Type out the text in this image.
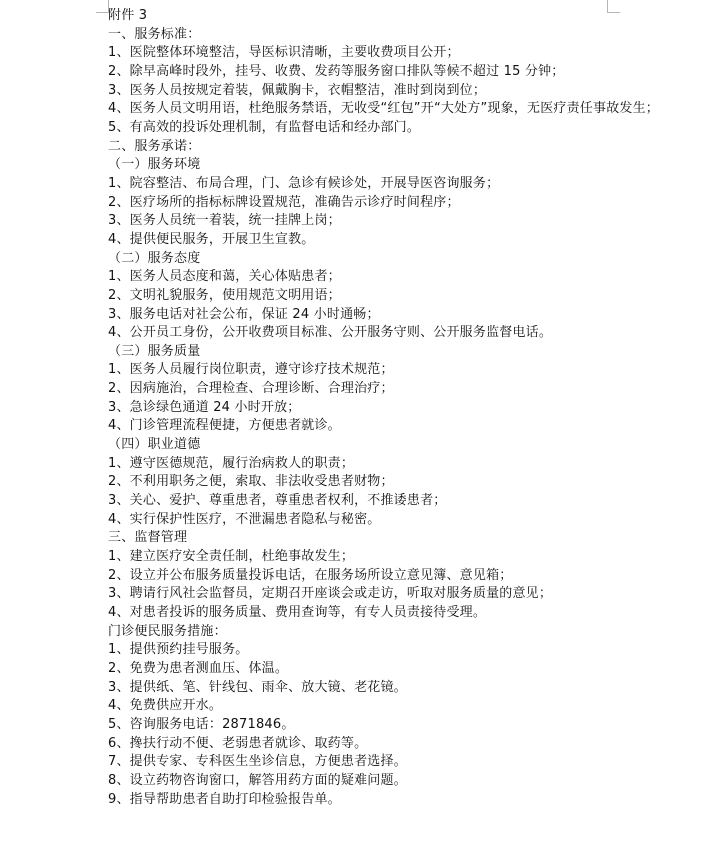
附件 3
一、服务标准：
1、医院整体环境整洁，导医标识清晰，主要收费项目公开；
2、除早高峰时段外，挂号、收费、发药等服务窗口排队等候不超过 15 分钟；
3、医务人员按规定着装，佩戴胸卡，衣帽整洁，准时到岗到位；
4、医务人员文明用语，杜绝服务禁语，无收受“红包”开“大处方”现象，无医疗责任事故发生；
5、有高效的投诉处理机制，有监督电话和经办部门。
二、服务承诺：
（一）服务环境
1、院容整洁、布局合理，门、急诊有候诊处，开展导医咨询服务；
2、医疗场所的指标标牌设置规范，准确告示诊疗时间程序；
3、医务人员统一着装，统一挂牌上岗；
4、提供便民服务，开展卫生宣教。
（二）服务态度
1、医务人员态度和蔼，关心体贴患者；
2、文明礼貌服务，使用规范文明用语；
3、服务电话对社会公布，保证 24 小时通畅；
4、公开员工身份，公开收费项目标准、公开服务守则、公开服务监督电话。
（三）服务质量
1、医务人员履行岗位职责，遵守诊疗技术规范；
2、因病施治，合理检查、合理诊断、合理治疗；
3、急诊绿色通道 24 小时开放；
4、门诊管理流程便捷，方便患者就诊。
（四）职业道德
1、遵守医德规范，履行治病救人的职责；
2、不利用职务之便，索取、非法收受患者财物；
3、关心、爱护、尊重患者，尊重患者权利，不推诿患者；
4、实行保护性医疗，不泄漏患者隐私与秘密。
三、监督管理
1、建立医疗安全责任制，杜绝事故发生；
2、设立并公布服务质量投诉电话，在服务场所设立意见簿、意见箱；
3、聘请行风社会监督员，定期召开座谈会或走访，听取对服务质量的意见；
4、对患者投诉的服务质量、费用查询等，有专人员责接待受理。
门诊便民服务措施：
1、提供预约挂号服务。
2、免费为患者测血压、体温。
3、提供纸、笔、针线包、雨伞、放大镜、老花镜。
4、免费供应开水。
5、咨询服务电话：2871846。
6、搀扶行动不便、老弱患者就诊、取药等。
7、提供专家、专科医生坐诊信息，方便患者选择。
8、设立药物咨询窗口，解答用药方面的疑难问题。
9、指导帮助患者自助打印检验报告单。
